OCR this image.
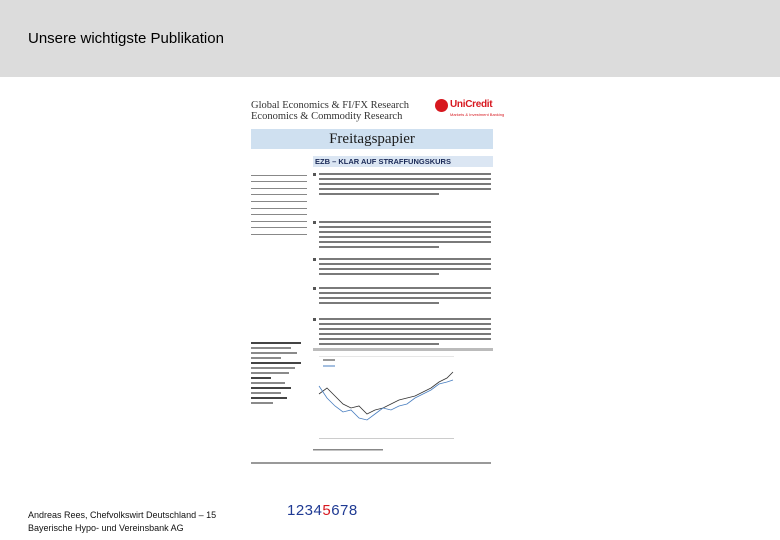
Unsere wichtigste Publikation
Global Economics & FI/FX Research
Economics & Commodity Research
UniCredit
Markets & Investment Banking
Freitagspapier
EZB – KLAR AUF STRAFFUNGSKURS
Andreas Rees, Chefvolkswirt Deutschland – 15
Bayerische Hypo- und Vereinsbank AG
12345678
